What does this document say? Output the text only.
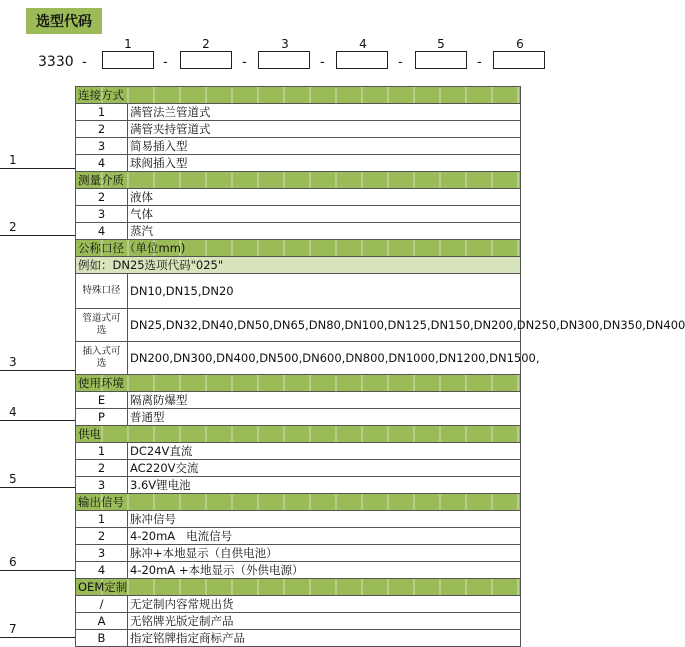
选型代码
3330
1	2	3	4	5	6
-	-	-	-	-	-
连接方式	
1	满管法兰管道式
2	满管夹持管道式
3	简易插入型
4	球阀插入型
测量介质	
2	液体
3	气体
4	蒸汽
公称口径（单位mm)	
例如：DN25选项代码"025"	
特殊口径	DN10,DN15,DN20
管道式可选	DN25,DN32,DN40,DN50,DN65,DN80,DN100,DN125,DN150,DN200,DN250,DN300,DN350,DN400
插入式可选	DN200,DN300,DN400,DN500,DN600,DN800,DN1000,DN1200,DN1500,
使用环境	
E	隔离防爆型
P	普通型
供电	
1	DC24V直流
2	AC220V交流
3	3.6V锂电池
输出信号	
1	脉冲信号
2	4-20mA   电流信号
3	脉冲+本地显示（自供电池）
4	4-20mA +本地显示（外供电源）
OEM定制	
/	无定制内容常规出货
A	无铭牌光版定制产品
B	指定铭牌指定商标产品
1
2
3
4
5
6
7
